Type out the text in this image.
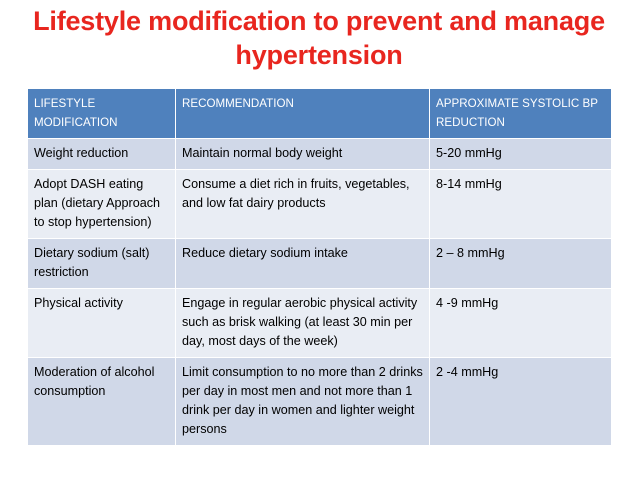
Lifestyle modification to prevent and manage
hypertension
LIFESTYLE MODIFICATION	RECOMMENDATION	APPROXIMATE SYSTOLIC BP REDUCTION
Weight reduction	Maintain normal body weight	5-20 mmHg
Adopt DASH eating plan (dietary Approach to stop hypertension)	Consume a diet rich in fruits, vegetables, and low fat dairy products	8-14 mmHg
Dietary sodium (salt) restriction	Reduce dietary sodium intake	2 – 8 mmHg
Physical activity	Engage in regular aerobic physical activity such as brisk walking (at least 30 min per day, most days of the week)	4 -9 mmHg
Moderation of alcohol consumption	Limit consumption to no more than 2 drinks per day in most men and not more than 1 drink per day in women and lighter weight persons	2 -4 mmHg
